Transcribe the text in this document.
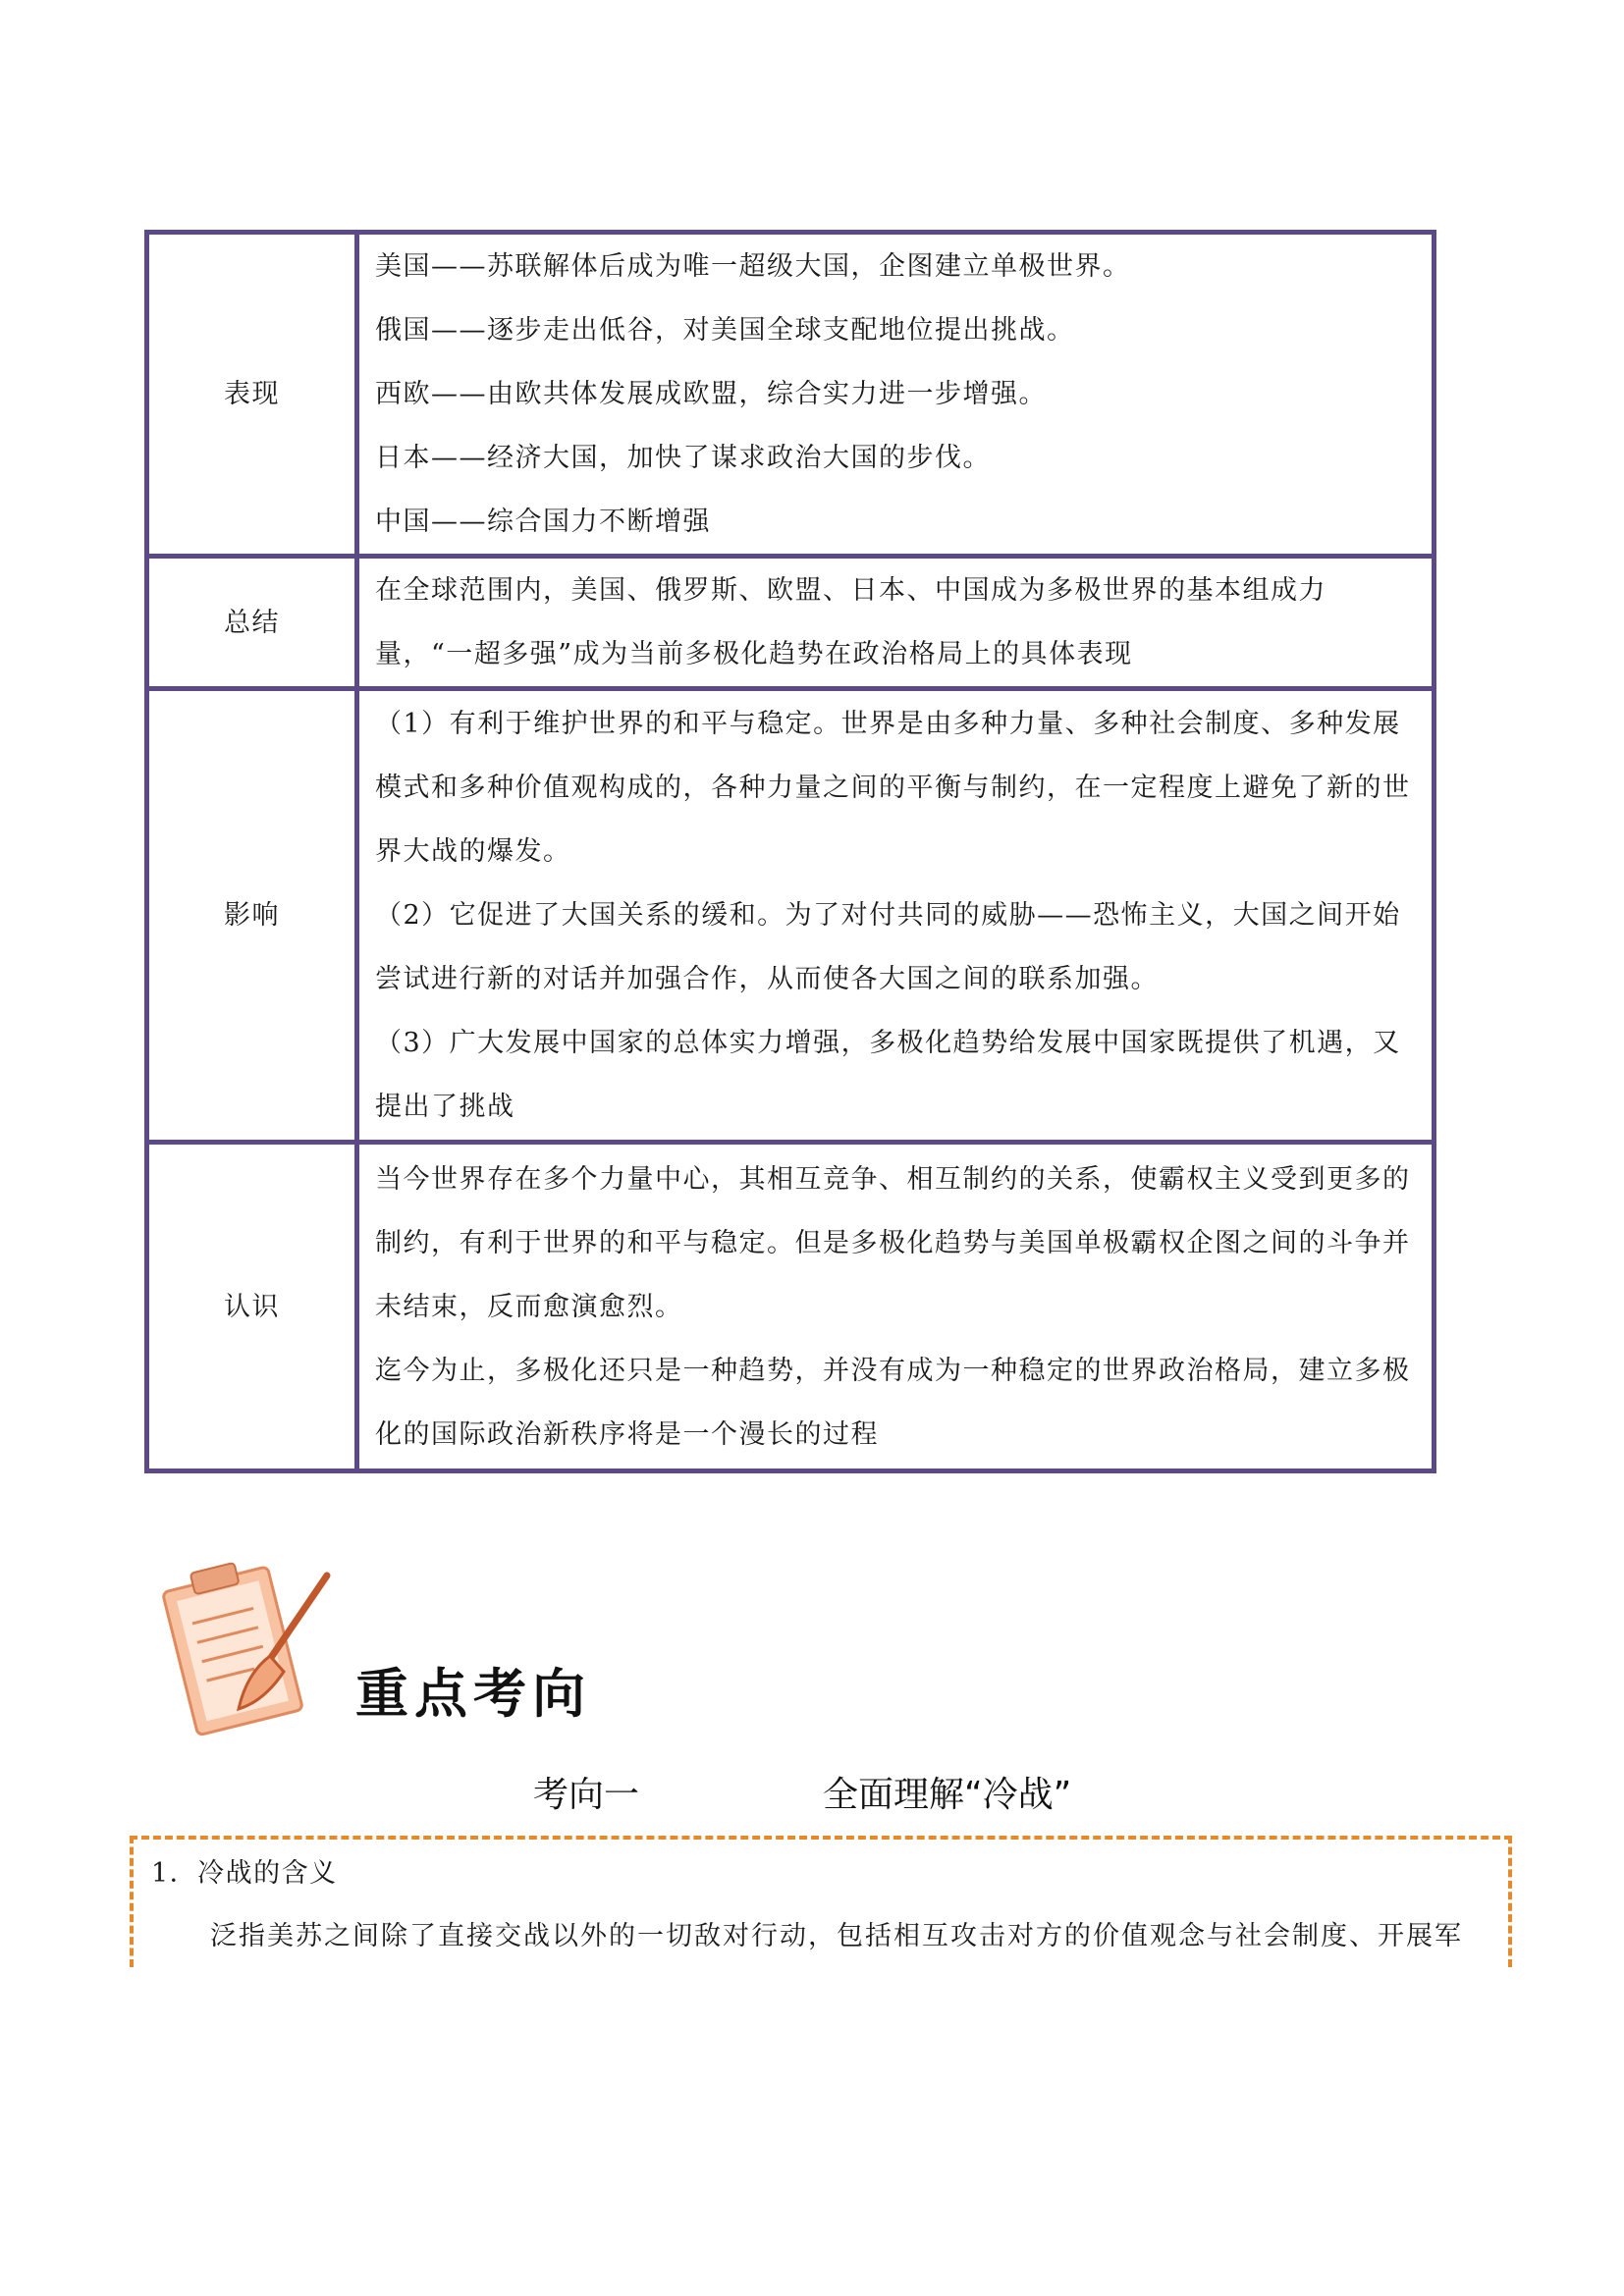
表现	美国——苏联解体后成为唯一超级大国，企图建立单极世界。

俄国——逐步走出低谷，对美国全球支配地位提出挑战。

西欧——由欧共体发展成欧盟，综合实力进一步增强。

日本——经济大国，加快了谋求政治大国的步伐。

中国——综合国力不断增强

总结	在全球范围内，美国、俄罗斯、欧盟、日本、中国成为多极世界的基本组成力量，“一超多强”成为当前多极化趋势在政治格局上的具体表现

影响	（1）有利于维护世界的和平与稳定。世界是由多种力量、多种社会制度、多种发展模式和多种价值观构成的，各种力量之间的平衡与制约，在一定程度上避免了新的世界大战的爆发。

（2）它促进了大国关系的缓和。为了对付共同的威胁——恐怖主义，大国之间开始尝试进行新的对话并加强合作，从而使各大国之间的联系加强。

（3）广大发展中国家的总体实力增强，多极化趋势给发展中国家既提供了机遇，又提出了挑战

认识	当今世界存在多个力量中心，其相互竞争、相互制约的关系，使霸权主义受到更多的制约，有利于世界的和平与稳定。但是多极化趋势与美国单极霸权企图之间的斗争并未结束，反而愈演愈烈。

迄今为止，多极化还只是一种趋势，并没有成为一种稳定的世界政治格局，建立多极化的国际政治新秩序将是一个漫长的过程

重点考向
考向一	全面理解“冷战”
1．冷战的含义
泛指美苏之间除了直接交战以外的一切敌对行动，包括相互攻击对方的价值观念与社会制度、开展军
